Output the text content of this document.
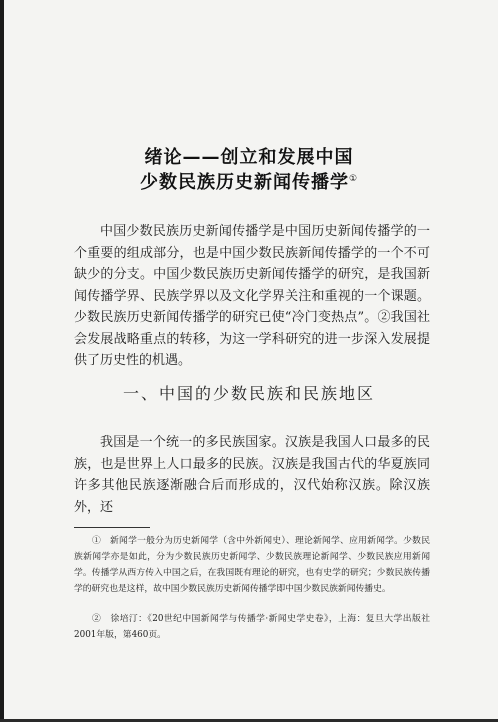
绪论——创立和发展中国
少数民族历史新闻传播学①

中国少数民族历史新闻传播学是中国历史新闻传播学的一个重要的组成部分，也是中国少数民族新闻传播学的一个不可缺少的分支。中国少数民族历史新闻传播学的研究，是我国新闻传播学界、民族学界以及文化学界关注和重视的一个课题。少数民族历史新闻传播学的研究已使“冷门变热点”。②我国社会发展战略重点的转移，为这一学科研究的进一步深入发展提供了历史性的机遇。

一、中国的少数民族和民族地区

我国是一个统一的多民族国家。汉族是我国人口最多的民族，也是世界上人口最多的民族。汉族是我国古代的华夏族同许多其他民族逐渐融合后而形成的，汉代始称汉族。除汉族外，还

①　新闻学一般分为历史新闻学（含中外新闻史）、理论新闻学、应用新闻学。少数民族新闻学亦是如此，分为少数民族历史新闻学、少数民族理论新闻学、少数民族应用新闻学。传播学从西方传入中国之后，在我国既有理论的研究，也有史学的研究；少数民族传播学的研究也是这样，故中国少数民族历史新闻传播学即中国少数民族新闻传播史。

②　徐培汀：《20世纪中国新闻学与传播学·新闻史学史卷》，上海：复旦大学出版社2001年版，第460页。
